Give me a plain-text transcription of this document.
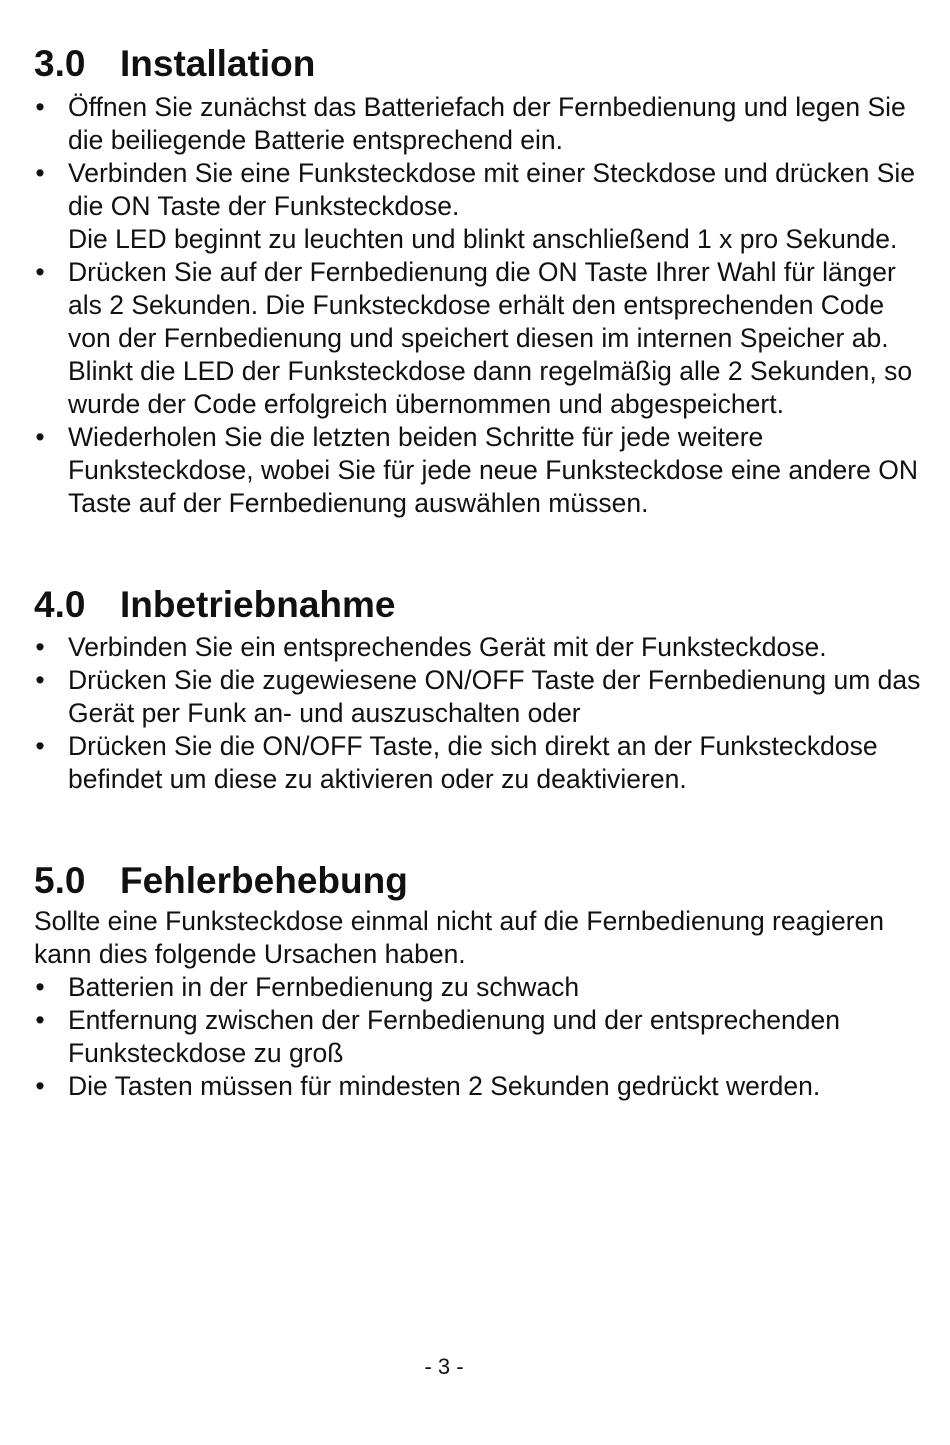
3.0 Installation
• Öffnen Sie zunächst das Batteriefach der Fernbedienung und legen Sie die beiliegende Batterie entsprechend ein.
• Verbinden Sie eine Funksteckdose mit einer Steckdose und drücken Sie die ON Taste der Funksteckdose.
Die LED beginnt zu leuchten und blinkt anschließend 1 x pro Sekunde.
• Drücken Sie auf der Fernbedienung die ON Taste Ihrer Wahl für länger als 2 Sekunden. Die Funksteckdose erhält den entsprechenden Code von der Fernbedienung und speichert diesen im internen Speicher ab.
Blinkt die LED der Funksteckdose dann regelmäßig alle 2 Sekunden, so wurde der Code erfolgreich übernommen und abgespeichert.
• Wiederholen Sie die letzten beiden Schritte für jede weitere Funksteckdose, wobei Sie für jede neue Funksteckdose eine andere ON Taste auf der Fernbedienung auswählen müssen.
4.0 Inbetriebnahme
• Verbinden Sie ein entsprechendes Gerät mit der Funksteckdose.
• Drücken Sie die zugewiesene ON/OFF Taste der Fernbedienung um das Gerät per Funk an- und auszuschalten oder
• Drücken Sie die ON/OFF Taste, die sich direkt an der Funksteckdose befindet um diese zu aktivieren oder zu deaktivieren.
5.0 Fehlerbehebung

Sollte eine Funksteckdose einmal nicht auf die Fernbedienung reagieren kann dies folgende Ursachen haben.

• Batterien in der Fernbedienung zu schwach
• Entfernung zwischen der Fernbedienung und der entsprechenden Funksteckdose zu groß
• Die Tasten müssen für mindesten 2 Sekunden gedrückt werden.
- 3 -
